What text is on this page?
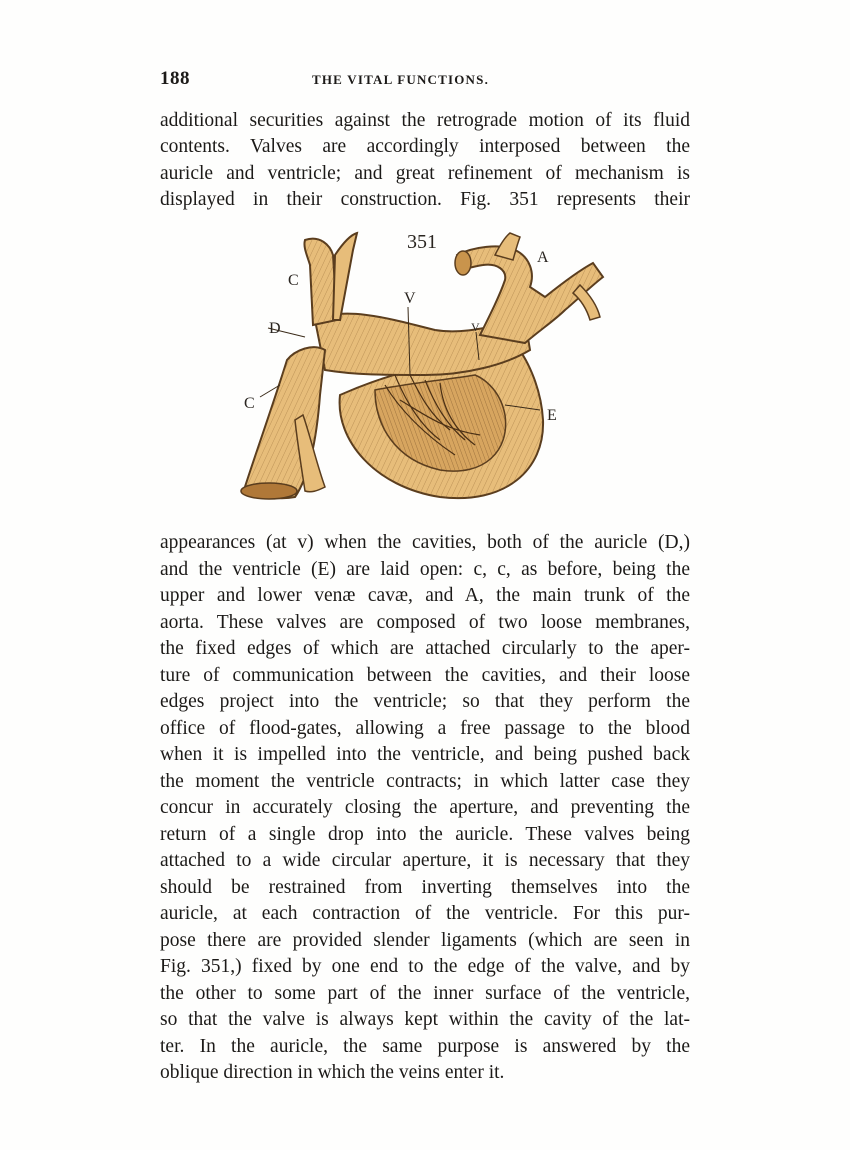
188	THE VITAL FUNCTIONS.

additional securities against the retrograde motion of its fluid
contents. Valves are accordingly interposed between the
auricle and ventricle; and great refinement of mechanism is
displayed in their construction. Fig. 351 represents their

351
C
D
C
V
V
A
E

appearances (at v) when the cavities, both of the auricle (D,)
and the ventricle (E) are laid open: c, c, as before, being the
upper and lower venæ cavæ, and A, the main trunk of the
aorta. These valves are composed of two loose membranes,
the fixed edges of which are attached circularly to the aper-
ture of communication between the cavities, and their loose
edges project into the ventricle; so that they perform the
office of flood-gates, allowing a free passage to the blood
when it is impelled into the ventricle, and being pushed back
the moment the ventricle contracts; in which latter case they
concur in accurately closing the aperture, and preventing the
return of a single drop into the auricle. These valves being
attached to a wide circular aperture, it is necessary that they
should be restrained from inverting themselves into the
auricle, at each contraction of the ventricle. For this pur-
pose there are provided slender ligaments (which are seen in
Fig. 351,) fixed by one end to the edge of the valve, and by
the other to some part of the inner surface of the ventricle,
so that the valve is always kept within the cavity of the lat-
ter. In the auricle, the same purpose is answered by the
oblique direction in which the veins enter it.
